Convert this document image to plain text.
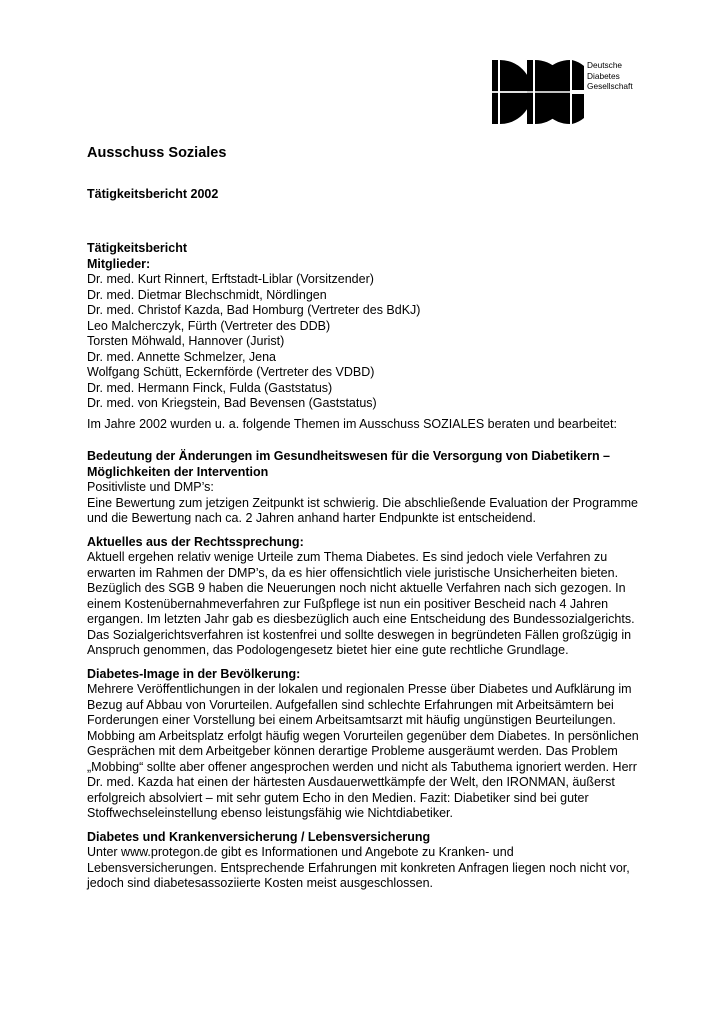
Deutsche
Diabetes
Gesellschaft
Ausschuss Soziales
Tätigkeitsbericht 2002

Tätigkeitsbericht

Mitglieder:

Dr. med. Kurt Rinnert, Erftstadt-Liblar (Vorsitzender)
Dr. med. Dietmar Blechschmidt, Nördlingen
Dr. med. Christof Kazda, Bad Homburg (Vertreter des BdKJ)
Leo Malcherczyk, Fürth (Vertreter des DDB)
Torsten Möhwald, Hannover (Jurist)
Dr. med. Annette Schmelzer, Jena
Wolfgang Schütt, Eckernförde (Vertreter des VDBD)
Dr. med. Hermann Finck, Fulda (Gaststatus)
Dr. med. von Kriegstein, Bad Bevensen (Gaststatus)

Im Jahre 2002 wurden u. a. folgende Themen im Ausschuss SOZIALES beraten und bearbeitet:

Bedeutung der Änderungen im Gesundheitswesen für die Versorgung von Diabetikern – Möglichkeiten der Intervention

Positivliste und DMP’s:

Eine Bewertung zum jetzigen Zeitpunkt ist schwierig. Die abschließende Evaluation der Programme und die Bewertung nach ca. 2 Jahren anhand harter Endpunkte ist entscheidend.

Aktuelles aus der Rechtssprechung:

Aktuell ergehen relativ wenige Urteile zum Thema Diabetes. Es sind jedoch viele Verfahren zu erwarten im Rahmen der DMP’s, da es hier offensichtlich viele juristische Unsicherheiten bieten. Bezüglich des SGB 9 haben die Neuerungen noch nicht aktuelle Verfahren nach sich gezogen. In einem Kostenübernahmeverfahren zur Fußpflege ist nun ein positiver Bescheid nach 4 Jahren ergangen. Im letzten Jahr gab es diesbezüglich auch eine Entscheidung des Bundessozialgerichts. Das Sozialgerichtsverfahren ist kostenfrei und sollte deswegen in begründeten Fällen großzügig in Anspruch genommen, das Podologengesetz bietet hier eine gute rechtliche Grundlage.

Diabetes-Image in der Bevölkerung:

Mehrere Veröffentlichungen in der lokalen und regionalen Presse über Diabetes und Aufklärung im Bezug auf Abbau von Vorurteilen. Aufgefallen sind schlechte Erfahrungen mit Arbeitsämtern bei Forderungen einer Vorstellung bei einem Arbeitsamtsarzt mit häufig ungünstigen Beurteilungen. Mobbing am Arbeitsplatz erfolgt häufig wegen Vorurteilen gegenüber dem Diabetes. In persönlichen Gesprächen mit dem Arbeitgeber können derartige Probleme ausgeräumt werden. Das Problem „Mobbing“ sollte aber offener angesprochen werden und nicht als Tabuthema ignoriert werden. Herr Dr. med. Kazda hat einen der härtesten Ausdauerwettkämpfe der Welt, den IRONMAN, äußerst erfolgreich absolviert – mit sehr gutem Echo in den Medien. Fazit: Diabetiker sind bei guter Stoffwechseleinstellung ebenso leistungsfähig wie Nichtdiabetiker.

Diabetes und Krankenversicherung / Lebensversicherung

Unter www.protegon.de gibt es Informationen und Angebote zu Kranken- und Lebensversicherungen. Entsprechende Erfahrungen mit konkreten Anfragen liegen noch nicht vor, jedoch sind diabetesassoziierte Kosten meist ausgeschlossen.
